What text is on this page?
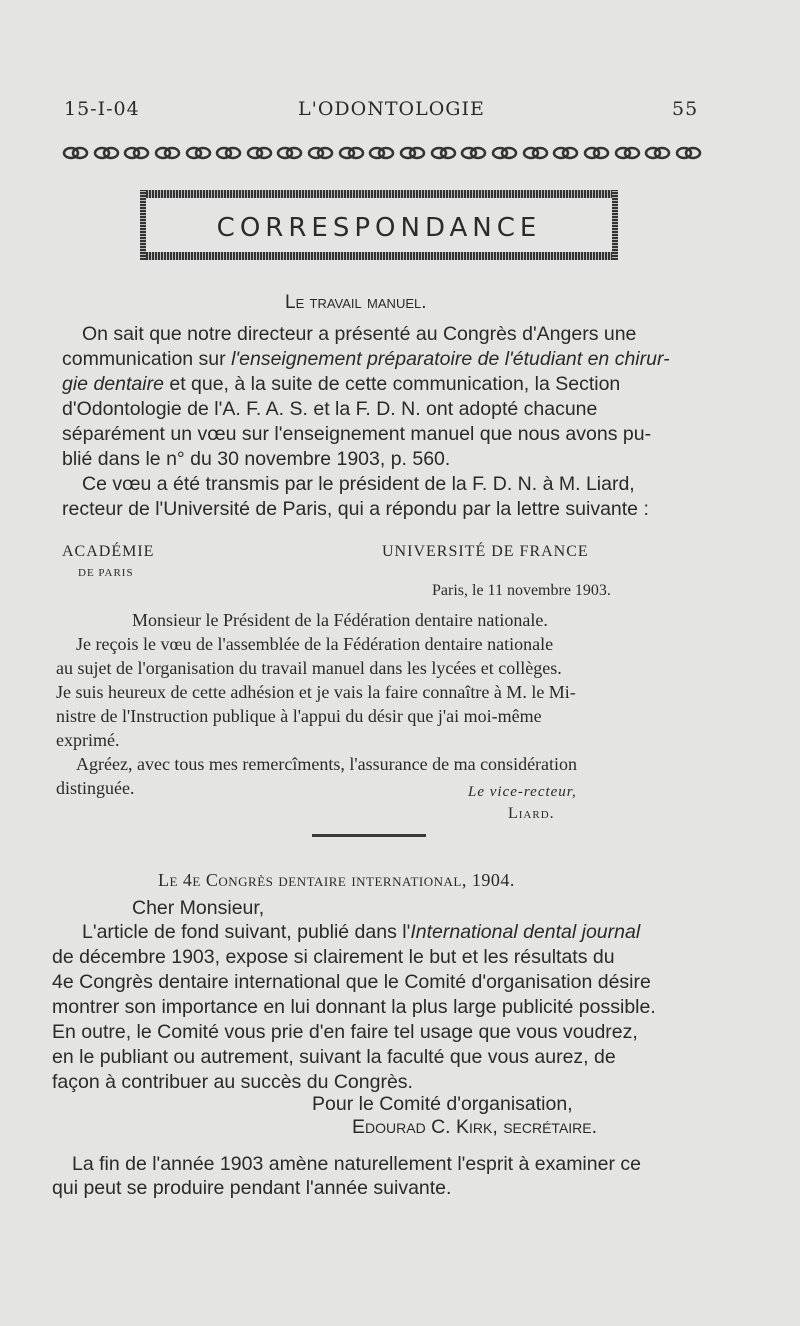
15-I-04	L'ODONTOLOGIE	55
CORRESPONDANCE
Le travail manuel.
On sait que notre directeur a présenté au Congrès d'Angers une
communication sur l'enseignement préparatoire de l'étudiant en chirur-
gie dentaire et que, à la suite de cette communication, la Section
d'Odontologie de l'A. F. A. S. et la F. D. N. ont adopté chacune
séparément un vœu sur l'enseignement manuel que nous avons pu-
blié dans le n° du 30 novembre 1903, p. 560.
Ce vœu a été transmis par le président de la F. D. N. à M. Liard,
recteur de l'Université de Paris, qui a répondu par la lettre suivante :
ACADÉMIE
DE PARIS
UNIVERSITÉ DE FRANCE
Paris, le 11 novembre 1903.
Monsieur le Président de la Fédération dentaire nationale.
Je reçois le vœu de l'assemblée de la Fédération dentaire nationale
au sujet de l'organisation du travail manuel dans les lycées et collèges.
Je suis heureux de cette adhésion et je vais la faire connaître à M. le Mi-
nistre de l'Instruction publique à l'appui du désir que j'ai moi-même
exprimé.
Agréez, avec tous mes remercîments, l'assurance de ma considération
distinguée.	Le vice-recteur,
Liard.
Le 4e Congrès dentaire international, 1904.
Cher Monsieur,
L'article de fond suivant, publié dans l'International dental journal
de décembre 1903, expose si clairement le but et les résultats du
4e Congrès dentaire international que le Comité d'organisation désire
montrer son importance en lui donnant la plus large publicité possible.
En outre, le Comité vous prie d'en faire tel usage que vous voudrez,
en le publiant ou autrement, suivant la faculté que vous aurez, de
façon à contribuer au succès du Congrès.
Pour le Comité d'organisation,
Edourad C. Kirk, secrétaire.
La fin de l'année 1903 amène naturellement l'esprit à examiner ce
qui peut se produire pendant l'année suivante.
